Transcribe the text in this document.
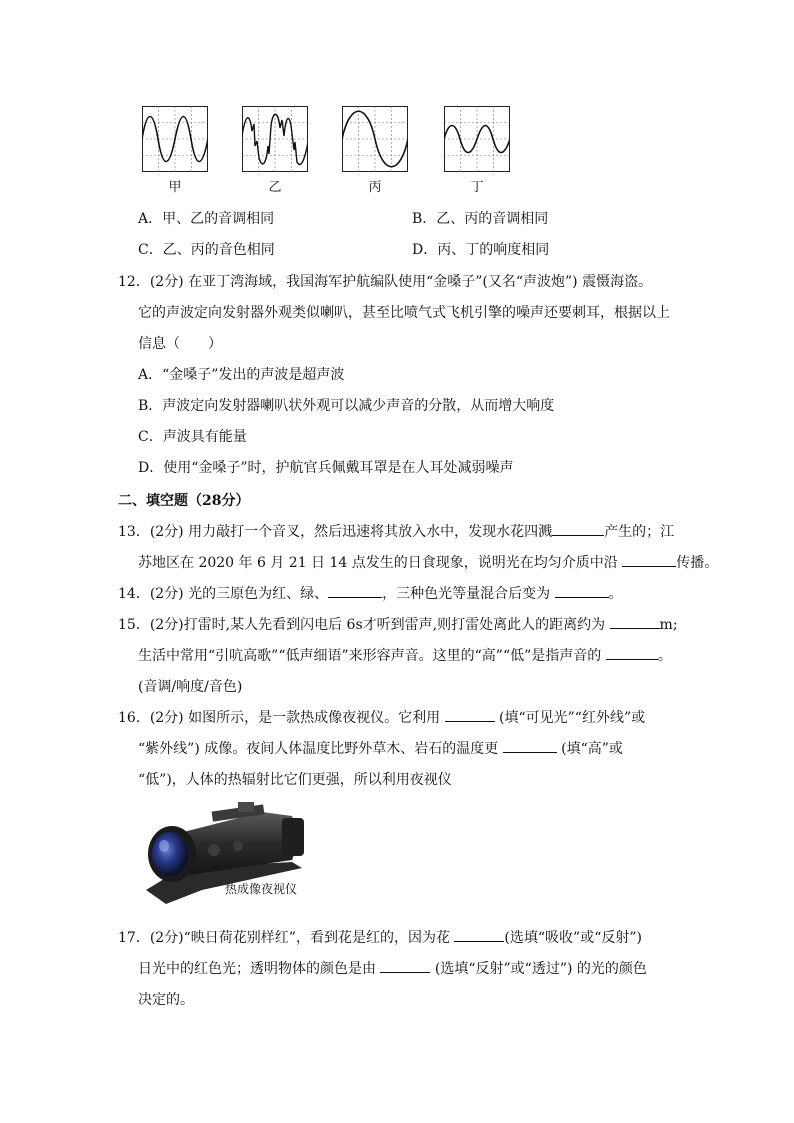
甲	乙	丙	丁
A．甲、乙的音调相同	B．乙、丙的音调相同
C．乙、丙的音色相同	D．丙、丁的响度相同
12．(2分) 在亚丁湾海域，我国海军护航编队使用“金嗓子”(又名“声波炮”) 震慑海盗。
它的声波定向发射器外观类似喇叭，甚至比喷气式飞机引擎的噪声还要刺耳，根据以上
信息（　　）
A．“金嗓子”发出的声波是超声波
B．声波定向发射器喇叭状外观可以减少声音的分散，从而增大响度
C．声波具有能量
D．使用“金嗓子”时，护航官兵佩戴耳罩是在人耳处减弱噪声
二、填空题（28分）
13．(2分) 用力敲打一个音叉，然后迅速将其放入水中，发现水花四溅	产生的；江
苏地区在 2020 年 6 月 21 日 14 点发生的日食现象，说明光在均匀介质中沿	传播。
14．(2分) 光的三原色为红、绿、	，三种色光等量混合后变为	。
15．(2分)打雷时,某人先看到闪电后 6s才听到雷声,则打雷处离此人的距离约为	m;
生活中常用“引吭高歌”“低声细语”来形容声音。这里的“高”“低”是指声音的	。
(音调/响度/音色)
16．(2分) 如图所示，是一款热成像夜视仪。它利用	(填“可见光”“红外线”或
“紫外线”) 成像。夜间人体温度比野外草木、岩石的温度更	(填“高”或
“低”)，人体的热辐射比它们更强，所以利用夜视仪
热成像夜视仪
17．(2分)“映日荷花别样红”，看到花是红的，因为花	(选填“吸收”或“反射”)
日光中的红色光；透明物体的颜色是由	(选填“反射”或“透过”) 的光的颜色
决定的。
